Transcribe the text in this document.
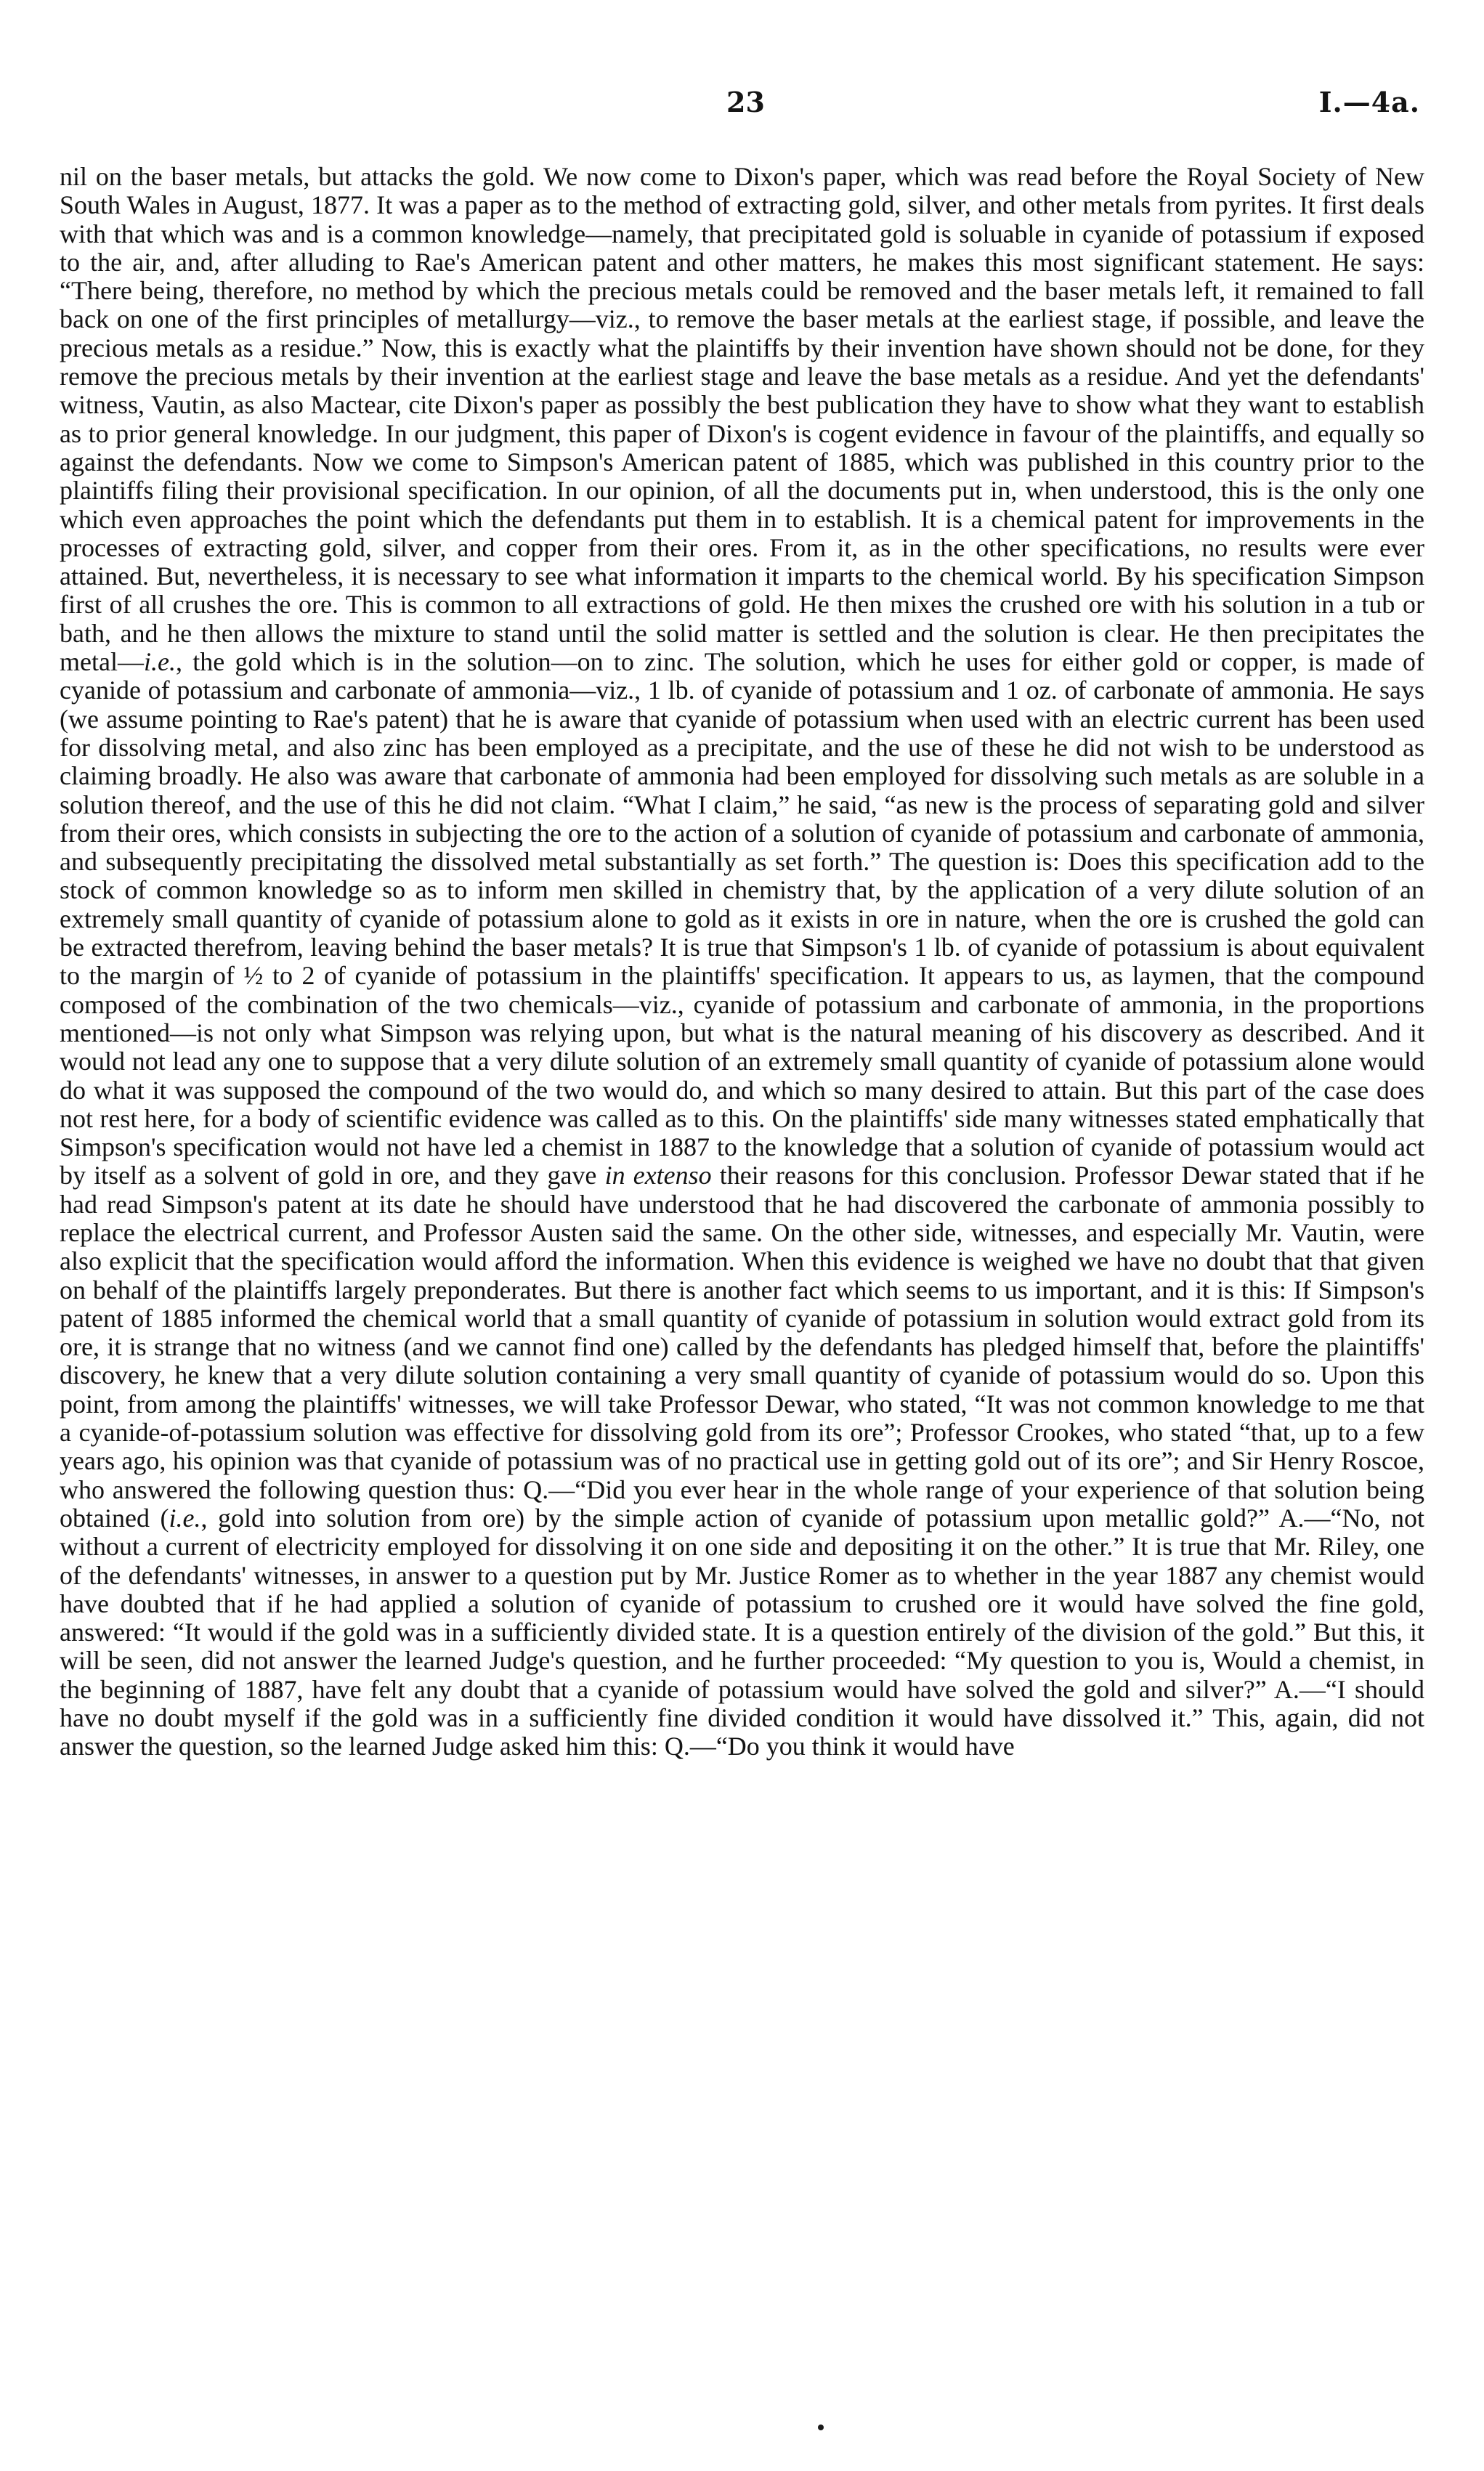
23	I.—4a.
nil on the baser metals, but attacks the gold. We now come to Dixon's paper, which was read before the Royal Society of New South Wales in August, 1877. It was a paper as to the method of extracting gold, silver, and other metals from pyrites. It first deals with that which was and is a common knowledge—namely, that precipitated gold is soluable in cyanide of potassium if exposed to the air, and, after alluding to Rae's American patent and other matters, he makes this most significant statement. He says: “There being, therefore, no method by which the precious metals could be removed and the baser metals left, it remained to fall back on one of the first principles of metallurgy—viz., to remove the baser metals at the earliest stage, if possible, and leave the precious metals as a residue.” Now, this is exactly what the plaintiffs by their invention have shown should not be done, for they remove the precious metals by their invention at the earliest stage and leave the base metals as a residue. And yet the defendants' witness, Vautin, as also Mactear, cite Dixon's paper as possibly the best publication they have to show what they want to establish as to prior general knowledge. In our judgment, this paper of Dixon's is cogent evidence in favour of the plaintiffs, and equally so against the defendants. Now we come to Simpson's American patent of 1885, which was published in this country prior to the plaintiffs filing their provisional specification. In our opinion, of all the documents put in, when understood, this is the only one which even approaches the point which the defendants put them in to establish. It is a chemical patent for improvements in the processes of extracting gold, silver, and copper from their ores. From it, as in the other specifications, no results were ever attained. But, nevertheless, it is necessary to see what information it imparts to the chemical world. By his specification Simpson first of all crushes the ore. This is common to all extractions of gold. He then mixes the crushed ore with his solution in a tub or bath, and he then allows the mixture to stand until the solid matter is settled and the solution is clear. He then precipitates the metal—i.e., the gold which is in the solution—on to zinc. The solution, which he uses for either gold or copper, is made of cyanide of potassium and carbonate of ammonia—viz., 1 lb. of cyanide of potassium and 1 oz. of carbonate of ammonia. He says (we assume pointing to Rae's patent) that he is aware that cyanide of potassium when used with an electric current has been used for dissolving metal, and also zinc has been employed as a precipitate, and the use of these he did not wish to be understood as claiming broadly. He also was aware that carbonate of ammonia had been employed for dissolving such metals as are soluble in a solution thereof, and the use of this he did not claim. “What I claim,” he said, “as new is the process of separating gold and silver from their ores, which consists in subjecting the ore to the action of a solution of cyanide of potassium and carbonate of ammonia, and subsequently precipitating the dissolved metal substantially as set forth.” The question is: Does this specification add to the stock of common knowledge so as to inform men skilled in chemistry that, by the application of a very dilute solution of an extremely small quantity of cyanide of potassium alone to gold as it exists in ore in nature, when the ore is crushed the gold can be extracted therefrom, leaving behind the baser metals? It is true that Simpson's 1 lb. of cyanide of potassium is about equivalent to the margin of ½ to 2 of cyanide of potassium in the plaintiffs' specification. It appears to us, as laymen, that the compound composed of the combination of the two chemicals—viz., cyanide of potassium and carbonate of ammonia, in the proportions mentioned—is not only what Simpson was relying upon, but what is the natural meaning of his discovery as described. And it would not lead any one to suppose that a very dilute solution of an extremely small quantity of cyanide of potassium alone would do what it was supposed the compound of the two would do, and which so many desired to attain. But this part of the case does not rest here, for a body of scientific evidence was called as to this. On the plaintiffs' side many witnesses stated emphatically that Simpson's specification would not have led a chemist in 1887 to the knowledge that a solution of cyanide of potassium would act by itself as a solvent of gold in ore, and they gave in extenso their reasons for this conclusion. Professor Dewar stated that if he had read Simpson's patent at its date he should have understood that he had discovered the carbonate of ammonia possibly to replace the electrical current, and Professor Austen said the same. On the other side, witnesses, and especially Mr. Vautin, were also explicit that the specification would afford the information. When this evidence is weighed we have no doubt that that given on behalf of the plaintiffs largely preponderates. But there is another fact which seems to us important, and it is this: If Simpson's patent of 1885 informed the chemical world that a small quantity of cyanide of potassium in solution would extract gold from its ore, it is strange that no witness (and we cannot find one) called by the defendants has pledged himself that, before the plaintiffs' discovery, he knew that a very dilute solution containing a very small quantity of cyanide of potassium would do so. Upon this point, from among the plaintiffs' witnesses, we will take Professor Dewar, who stated, “It was not common knowledge to me that a cyanide-of-potassium solution was effective for dissolving gold from its ore”; Professor Crookes, who stated “that, up to a few years ago, his opinion was that cyanide of potassium was of no practical use in getting gold out of its ore”; and Sir Henry Roscoe, who answered the following question thus: Q.—“Did you ever hear in the whole range of your experience of that solution being obtained (i.e., gold into solution from ore) by the simple action of cyanide of potassium upon metallic gold?” A.—“No, not without a current of electricity employed for dissolving it on one side and depositing it on the other.” It is true that Mr. Riley, one of the defendants' witnesses, in answer to a question put by Mr. Justice Romer as to whether in the year 1887 any chemist would have doubted that if he had applied a solution of cyanide of potassium to crushed ore it would have solved the fine gold, answered: “It would if the gold was in a sufficiently divided state. It is a question entirely of the division of the gold.” But this, it will be seen, did not answer the learned Judge's question, and he further proceeded: “My question to you is, Would a chemist, in the beginning of 1887, have felt any doubt that a cyanide of potassium would have solved the gold and silver?” A.—“I should have no doubt myself if the gold was in a sufficiently fine divided condition it would have dissolved it.” This, again, did not answer the question, so the learned Judge asked him this: Q.—“Do you think it would have
